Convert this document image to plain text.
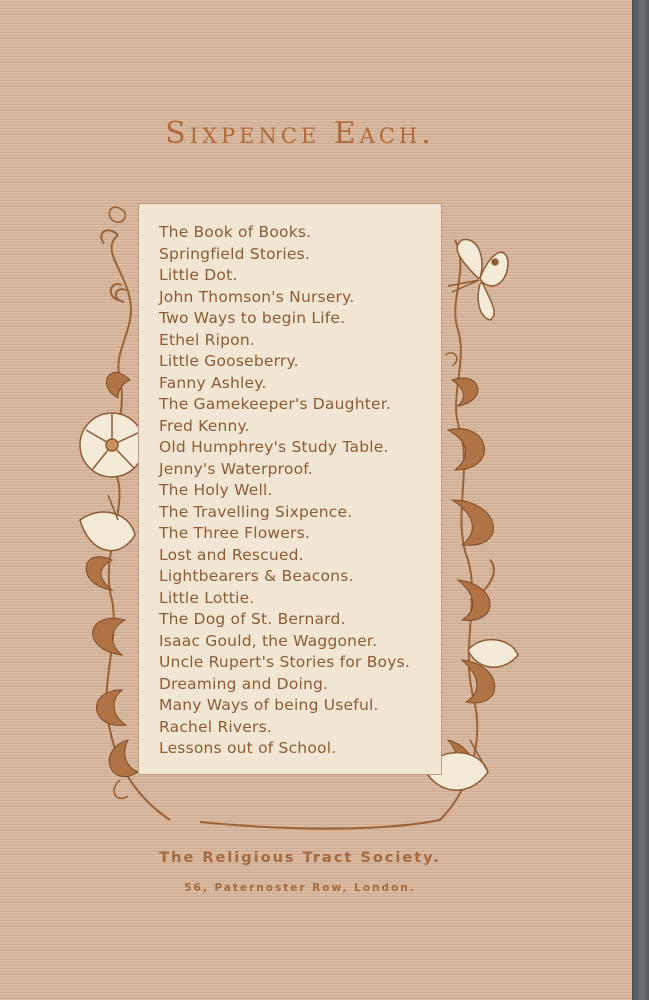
Sixpence Each.
The Book of Books.
Springfield Stories.
Little Dot.
John Thomson's Nursery.
Two Ways to begin Life.
Ethel Ripon.
Little Gooseberry.
Fanny Ashley.
The Gamekeeper's Daughter.
Fred Kenny.
Old Humphrey's Study Table.
Jenny's Waterproof.
The Holy Well.
The Travelling Sixpence.
The Three Flowers.
Lost and Rescued.
Lightbearers & Beacons.
Little Lottie.
The Dog of St. Bernard.
Isaac Gould, the Waggoner.
Uncle Rupert's Stories for Boys.
Dreaming and Doing.
Many Ways of being Useful.
Rachel Rivers.
Lessons out of School.
The Religious Tract Society.
56, Paternoster Row, London.
